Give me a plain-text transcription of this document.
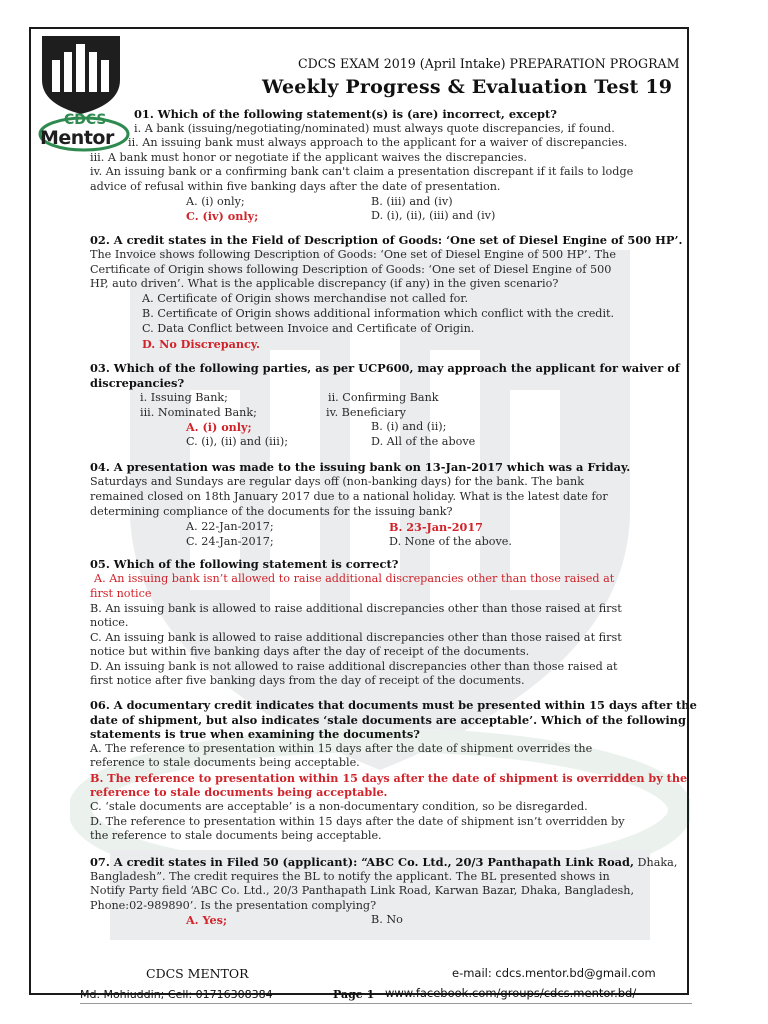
CDCS
Mentor
CDCS EXAM 2019 (April Intake) PREPARATION PROGRAM
Weekly Progress & Evaluation Test 19
01. Which of the following statement(s) is (are) incorrect, except?
i. A bank (issuing/negotiating/nominated) must always quote discrepancies, if found.
ii. An issuing bank must always approach to the applicant for a waiver of discrepancies.
iii. A bank must honor or negotiate if the applicant waives the discrepancies.
iv. An issuing bank or a confirming bank can't claim a presentation discrepant if it fails to lodge
advice of refusal within five banking days after the date of presentation.
A. (i) only;	B. (iii) and (iv)
C. (iv) only;	D. (i), (ii), (iii) and (iv)
02. A credit states in the Field of Description of Goods: ‘One set of Diesel Engine of 500 HP’.
The Invoice shows following Description of Goods: ‘One set of Diesel Engine of 500 HP’. The
Certificate of Origin shows following Description of Goods: ‘One set of Diesel Engine of 500
HP, auto driven’. What is the applicable discrepancy (if any) in the given scenario?
A. Certificate of Origin shows merchandise not called for.
B. Certificate of Origin shows additional information which conflict with the credit.
C. Data Conflict between Invoice and Certificate of Origin.
D. No Discrepancy.
03. Which of the following parties, as per UCP600, may approach the applicant for waiver of
discrepancies?
i. Issuing Bank;	ii. Confirming Bank
iii. Nominated Bank;	iv. Beneficiary
A. (i) only;	B. (i) and (ii);
C. (i), (ii) and (iii);	D. All of the above
04. A presentation was made to the issuing bank on 13-Jan-2017 which was a Friday.
Saturdays and Sundays are regular days off (non-banking days) for the bank. The bank
remained closed on 18th January 2017 due to a national holiday. What is the latest date for
determining compliance of the documents for the issuing bank?
A. 22-Jan-2017;	B. 23-Jan-2017
C. 24-Jan-2017;	D. None of the above.
05. Which of the following statement is correct?
A. An issuing bank isn’t allowed to raise additional discrepancies other than those raised at
first notice
B. An issuing bank is allowed to raise additional discrepancies other than those raised at first
notice.
C. An issuing bank is allowed to raise additional discrepancies other than those raised at first
notice but within five banking days after the day of receipt of the documents.
D. An issuing bank is not allowed to raise additional discrepancies other than those raised at
first notice after five banking days from the day of receipt of the documents.
06. A documentary credit indicates that documents must be presented within 15 days after the
date of shipment, but also indicates ‘stale documents are acceptable’. Which of the following
statements is true when examining the documents?
A. The reference to presentation within 15 days after the date of shipment overrides the
reference to stale documents being acceptable.
B. The reference to presentation within 15 days after the date of shipment is overridden by the
reference to stale documents being acceptable.
C. ‘stale documents are acceptable’ is a non-documentary condition, so be disregarded.
D. The reference to presentation within 15 days after the date of shipment isn’t overridden by
the reference to stale documents being acceptable.
07. A credit states in Filed 50 (applicant): “ABC Co. Ltd., 20/3 Panthapath Link Road, Dhaka,
Bangladesh”. The credit requires the BL to notify the applicant. The BL presented shows in
Notify Party field ‘ABC Co. Ltd., 20/3 Panthapath Link Road, Karwan Bazar, Dhaka, Bangladesh,
Phone:02-989890’. Is the presentation complying?
A. Yes;	B. No
CDCS MENTOR
Md. Mohiuddin; Cell: 01716308384	Page 1
e-mail: cdcs.mentor.bd@gmail.com
www.facebook.com/groups/cdcs.mentor.bd/
